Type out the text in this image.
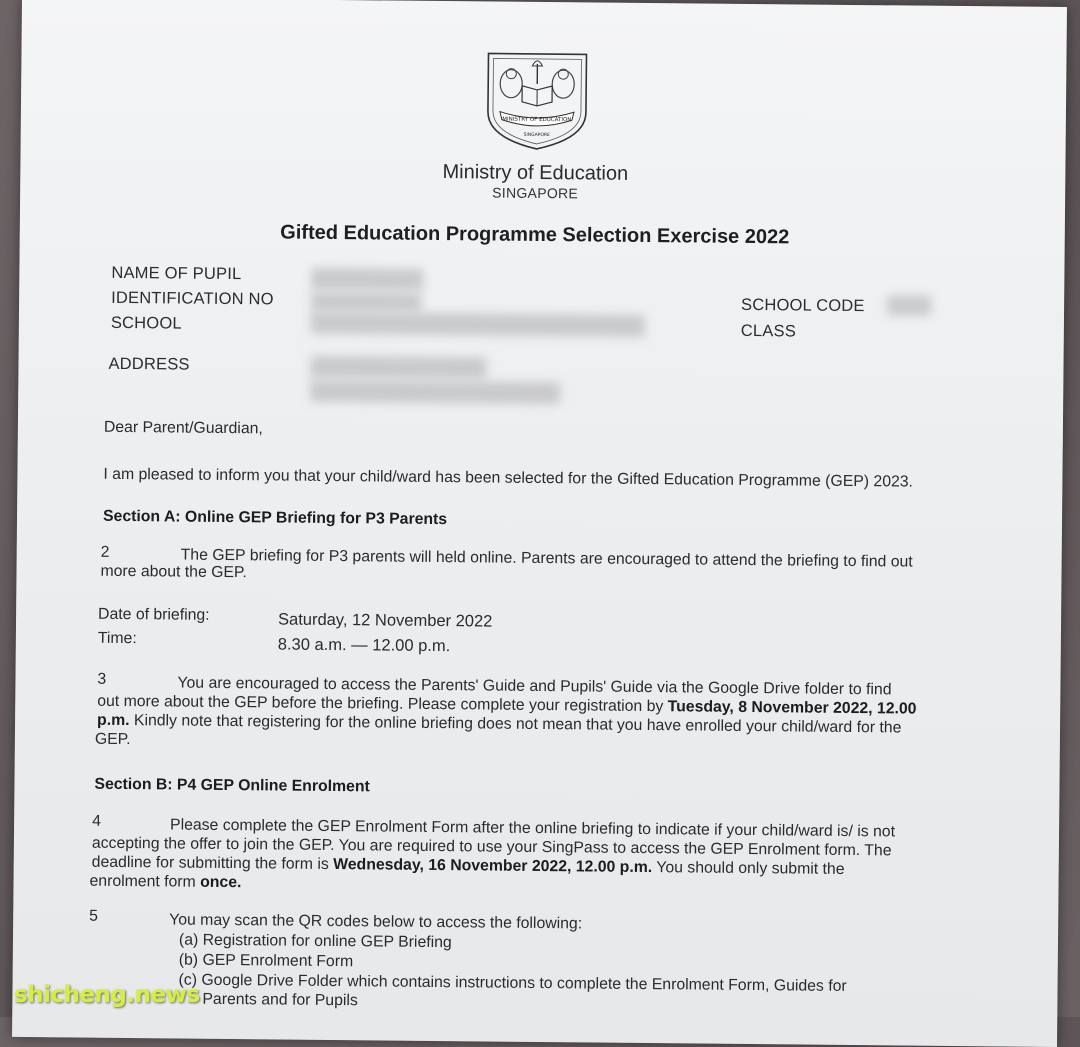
MINISTRY OF EDUCATION
SINGAPORE
Ministry of Education
SINGAPORE
Gifted Education Programme Selection Exercise 2022
NAME OF PUPIL
IDENTIFICATION NO
SCHOOL
ADDRESS
SCHOOL CODE
CLASS
Dear Parent/Guardian,
I am pleased to inform you that your child/ward has been selected for the Gifted Education Programme (GEP) 2023.
Section A: Online GEP Briefing for P3 Parents
2	The GEP briefing for P3 parents will held online. Parents are encouraged to attend the briefing to find out
more about the GEP.
Date of briefing:	Saturday, 12 November 2022
Time:	8.30 a.m. — 12.00 p.m.
3	You are encouraged to access the Parents' Guide and Pupils' Guide via the Google Drive folder to find
out more about the GEP before the briefing. Please complete your registration by Tuesday, 8 November 2022, 12.00
p.m. Kindly note that registering for the online briefing does not mean that you have enrolled your child/ward for the
GEP.
Section B: P4 GEP Online Enrolment
4	Please complete the GEP Enrolment Form after the online briefing to indicate if your child/ward is/ is not
accepting the offer to join the GEP. You are required to use your SingPass to access the GEP Enrolment form. The
deadline for submitting the form is Wednesday, 16 November 2022, 12.00 p.m. You should only submit the
enrolment form once.
5	You may scan the QR codes below to access the following:
(a) Registration for online GEP Briefing
(b) GEP Enrolment Form
(c) Google Drive Folder which contains instructions to complete the Enrolment Form, Guides for
Parents and for Pupils
shicheng.news
